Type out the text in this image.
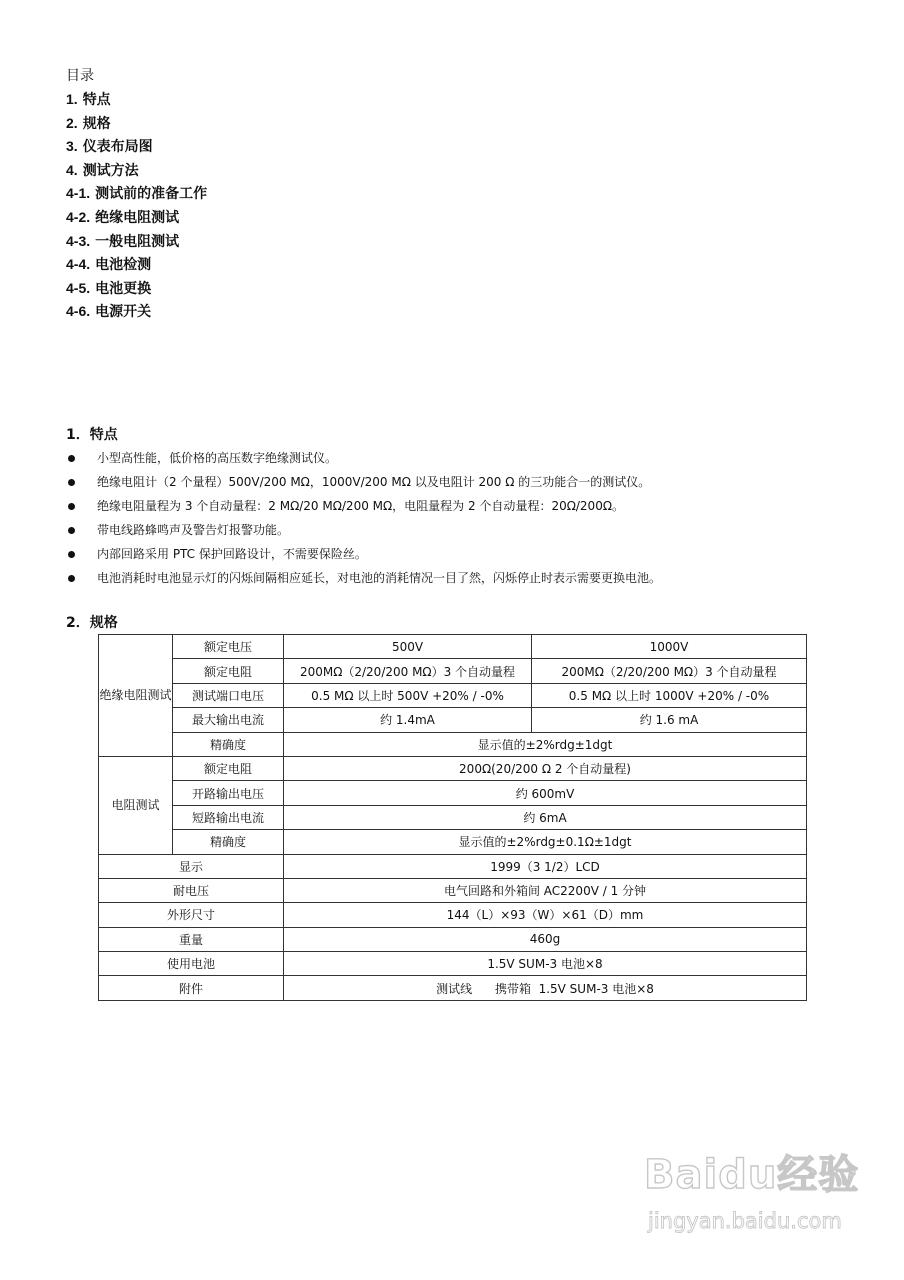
目录
1. 特点
2. 规格
3. 仪表布局图
4. 测试方法
4-1. 测试前的准备工作
4-2. 绝缘电阻测试
4-3. 一般电阻测试
4-4. 电池检测
4-5. 电池更换
4-6. 电源开关
1．特点
小型高性能，低价格的高压数字绝缘测试仪。
绝缘电阻计（2 个量程）500V/200 MΩ，1000V/200 MΩ 以及电阻计 200 Ω 的三功能合一的测试仪。
绝缘电阻量程为 3 个自动量程：2 MΩ/20 MΩ/200 MΩ，电阻量程为 2 个自动量程：20Ω/200Ω。
带电线路蜂鸣声及警告灯报警功能。
内部回路采用 PTC 保护回路设计，不需要保险丝。
电池消耗时电池显示灯的闪烁间隔相应延长，对电池的消耗情况一目了然，闪烁停止时表示需要更换电池。
2．规格
绝缘电阻测试	额定电压	500V	1000V
	额定电阻	200MΩ（2/20/200 MΩ）3 个自动量程	200MΩ（2/20/200 MΩ）3 个自动量程
	测试端口电压	0.5 MΩ 以上时 500V +20% / -0%	0.5 MΩ 以上时 1000V +20% / -0%
	最大输出电流	约 1.4mA	约 1.6 mA
	精确度	显示值的±2%rdg±1dgt	
电阻测试	额定电阻	200Ω(20/200 Ω 2 个自动量程)	
	开路输出电压	约 600mV	
	短路输出电流	约 6mA	
	精确度	显示值的±2%rdg±0.1Ω±1dgt	
显示		1999（3 1/2）LCD	
耐电压		电气回路和外箱间 AC2200V / 1 分钟	
外形尺寸		144（L）×93（W）×61（D）mm	
重量		460g	
使用电池		1.5V SUM-3 电池×8	
附件		测试线      携带箱  1.5V SUM-3 电池×8	
Baidu经验
jingyan.baidu.com
